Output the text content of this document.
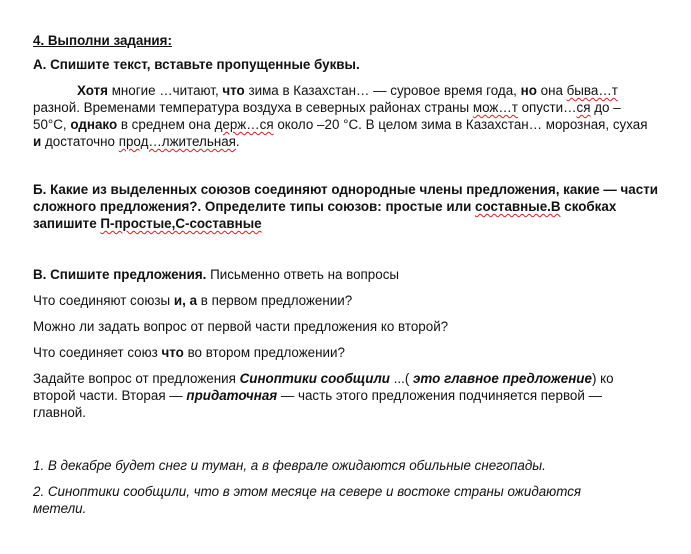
4. Выполни задания:
А. Спишите текст, вставьте пропущенные буквы.

Хотя многие …читают, что зима в Казахстан… — суровое время года, но она быва…т разной. Временами температура воздуха в северных районах страны мож…т опусти…ся до –50°С, однако в среднем она держ…ся около –20 °С. В целом зима в Казахстан… морозная, сухая и достаточно прод…лжительная.

Б. Какие из выделенных союзов соединяют однородные члены предложения, какие — части сложного предложения?. Определите типы союзов: простые или составные.В скобках запишите П-простые,С-составные

В. Спишите предложения. Письменно ответь на вопросы

Что соединяют союзы и, а в первом предложении?

Можно ли задать вопрос от первой части предложения ко второй?

Что соединяет союз что во втором предложении?

Задайте вопрос от предложения Синоптики сообщили ...( это главное предложение) ко второй части. Вторая — придаточная — часть этого предложения подчиняется первой — главной.

1. В декабре будет снег и туман, а в феврале ожидаются обильные снегопады.

2. Синоптики сообщили, что в этом месяце на севере и востоке страны ожидаются метели.
